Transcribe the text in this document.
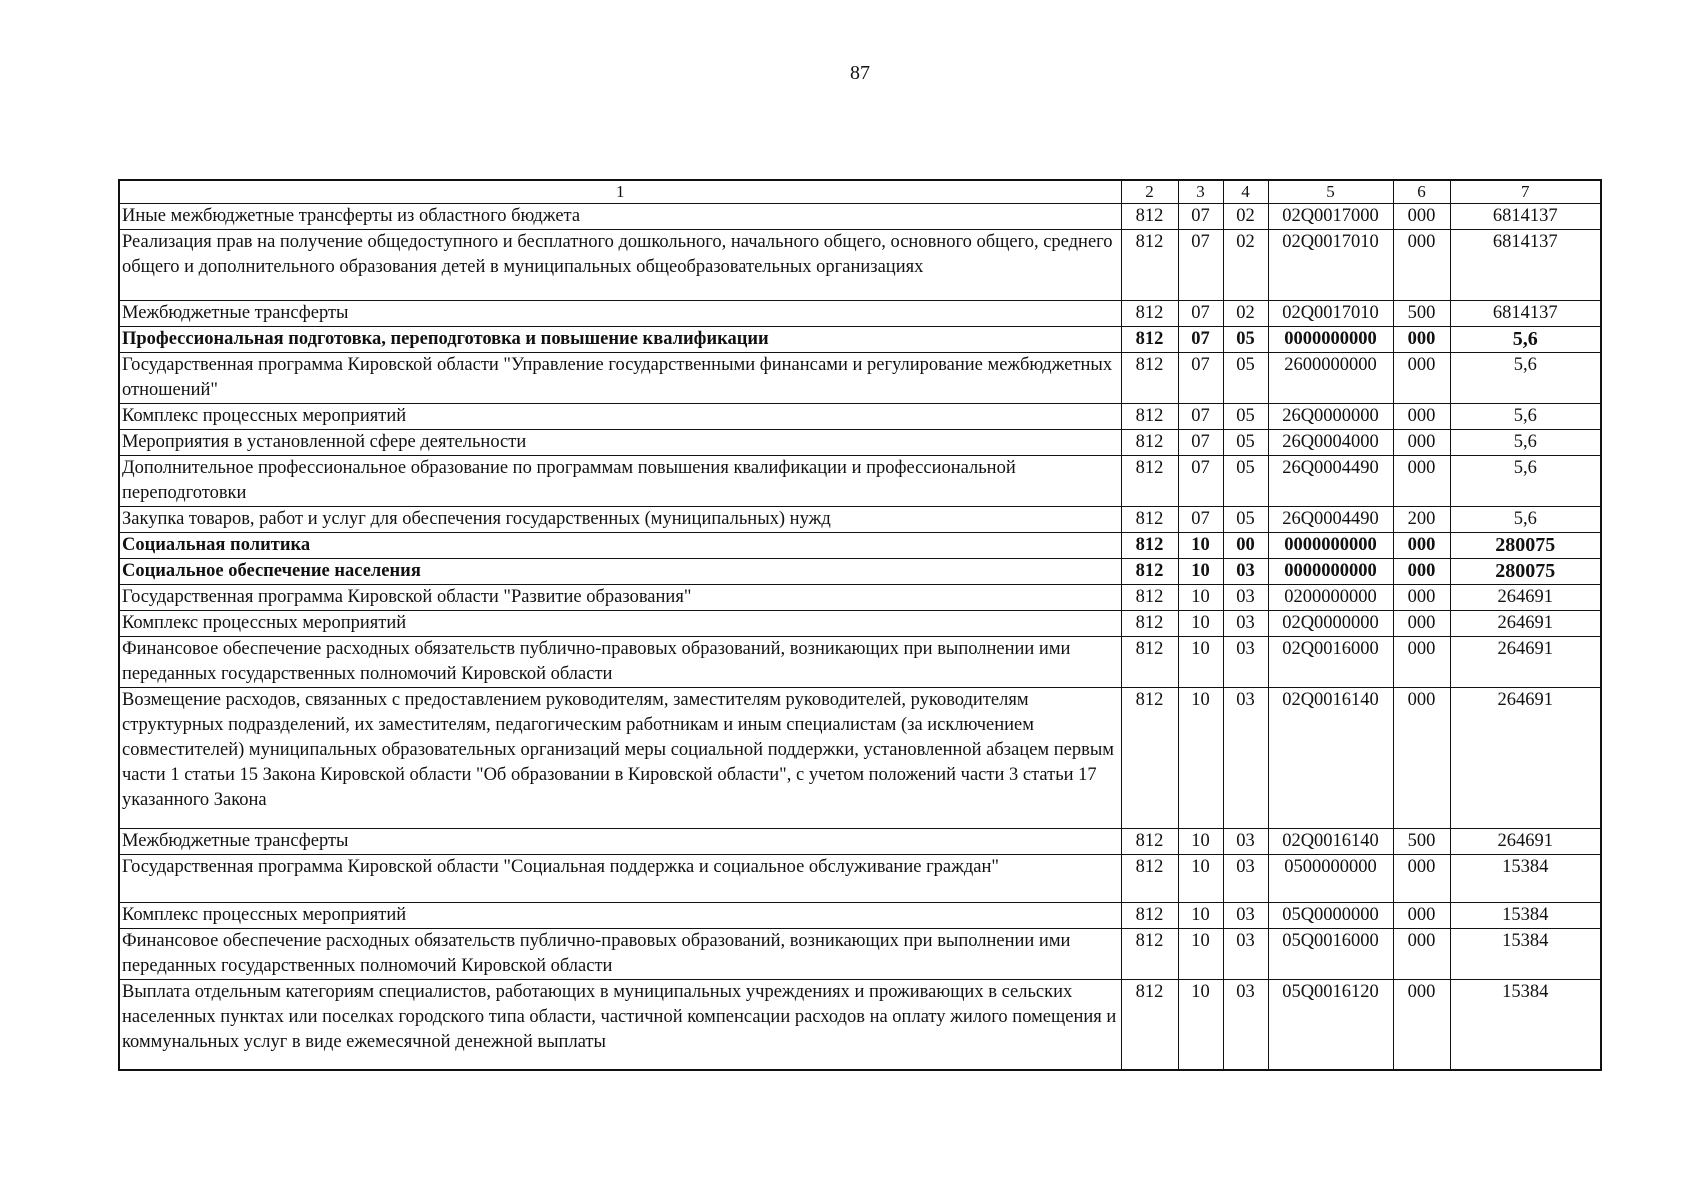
87
1	2	3	4	5	6	7
Иные межбюджетные трансферты из областного бюджета	812	07	02	02Q0017000	000	6814137
Реализация прав на получение общедоступного и бесплатного дошкольного, начального общего, основного общего, среднего общего и дополнительного образования детей в муниципальных общеобразовательных организациях	812	07	02	02Q0017010	000	6814137
Межбюджетные трансферты	812	07	02	02Q0017010	500	6814137
Профессиональная подготовка, переподготовка и повышение квалификации	812	07	05	0000000000	000	5,6
Государственная программа Кировской области "Управление государственными финансами и регулирование межбюджетных отношений"	812	07	05	2600000000	000	5,6
Комплекс процессных мероприятий	812	07	05	26Q0000000	000	5,6
Мероприятия в установленной сфере деятельности	812	07	05	26Q0004000	000	5,6
Дополнительное профессиональное образование по программам повышения квалификации и профессиональной переподготовки	812	07	05	26Q0004490	000	5,6
Закупка товаров, работ и услуг для обеспечения государственных (муниципальных) нужд	812	07	05	26Q0004490	200	5,6
Социальная политика	812	10	00	0000000000	000	280075
Социальное обеспечение населения	812	10	03	0000000000	000	280075
Государственная программа Кировской области "Развитие образования"	812	10	03	0200000000	000	264691
Комплекс процессных мероприятий	812	10	03	02Q0000000	000	264691
Финансовое обеспечение расходных обязательств публично-правовых образований, возникающих при выполнении ими переданных государственных полномочий Кировской области	812	10	03	02Q0016000	000	264691
Возмещение расходов, связанных с предоставлением руководителям, заместителям руководителей, руководителям структурных подразделений, их заместителям, педагогическим работникам и иным специалистам (за исключением совместителей) муниципальных образовательных организаций меры социальной поддержки, установленной абзацем первым части 1 статьи 15 Закона Кировской области "Об образовании в Кировской области", с учетом положений части 3 статьи 17 указанного Закона	812	10	03	02Q0016140	000	264691
Межбюджетные трансферты	812	10	03	02Q0016140	500	264691
Государственная программа Кировской области "Социальная поддержка и социальное обслуживание граждан"	812	10	03	0500000000	000	15384
Комплекс процессных мероприятий	812	10	03	05Q0000000	000	15384
Финансовое обеспечение расходных обязательств публично-правовых образований, возникающих при выполнении ими переданных государственных полномочий Кировской области	812	10	03	05Q0016000	000	15384
Выплата отдельным категориям специалистов, работающих в муниципальных учреждениях и проживающих в сельских населенных пунктах или поселках городского типа области, частичной компенсации расходов на оплату жилого помещения и коммунальных услуг в виде ежемесячной денежной выплаты	812	10	03	05Q0016120	000	15384
